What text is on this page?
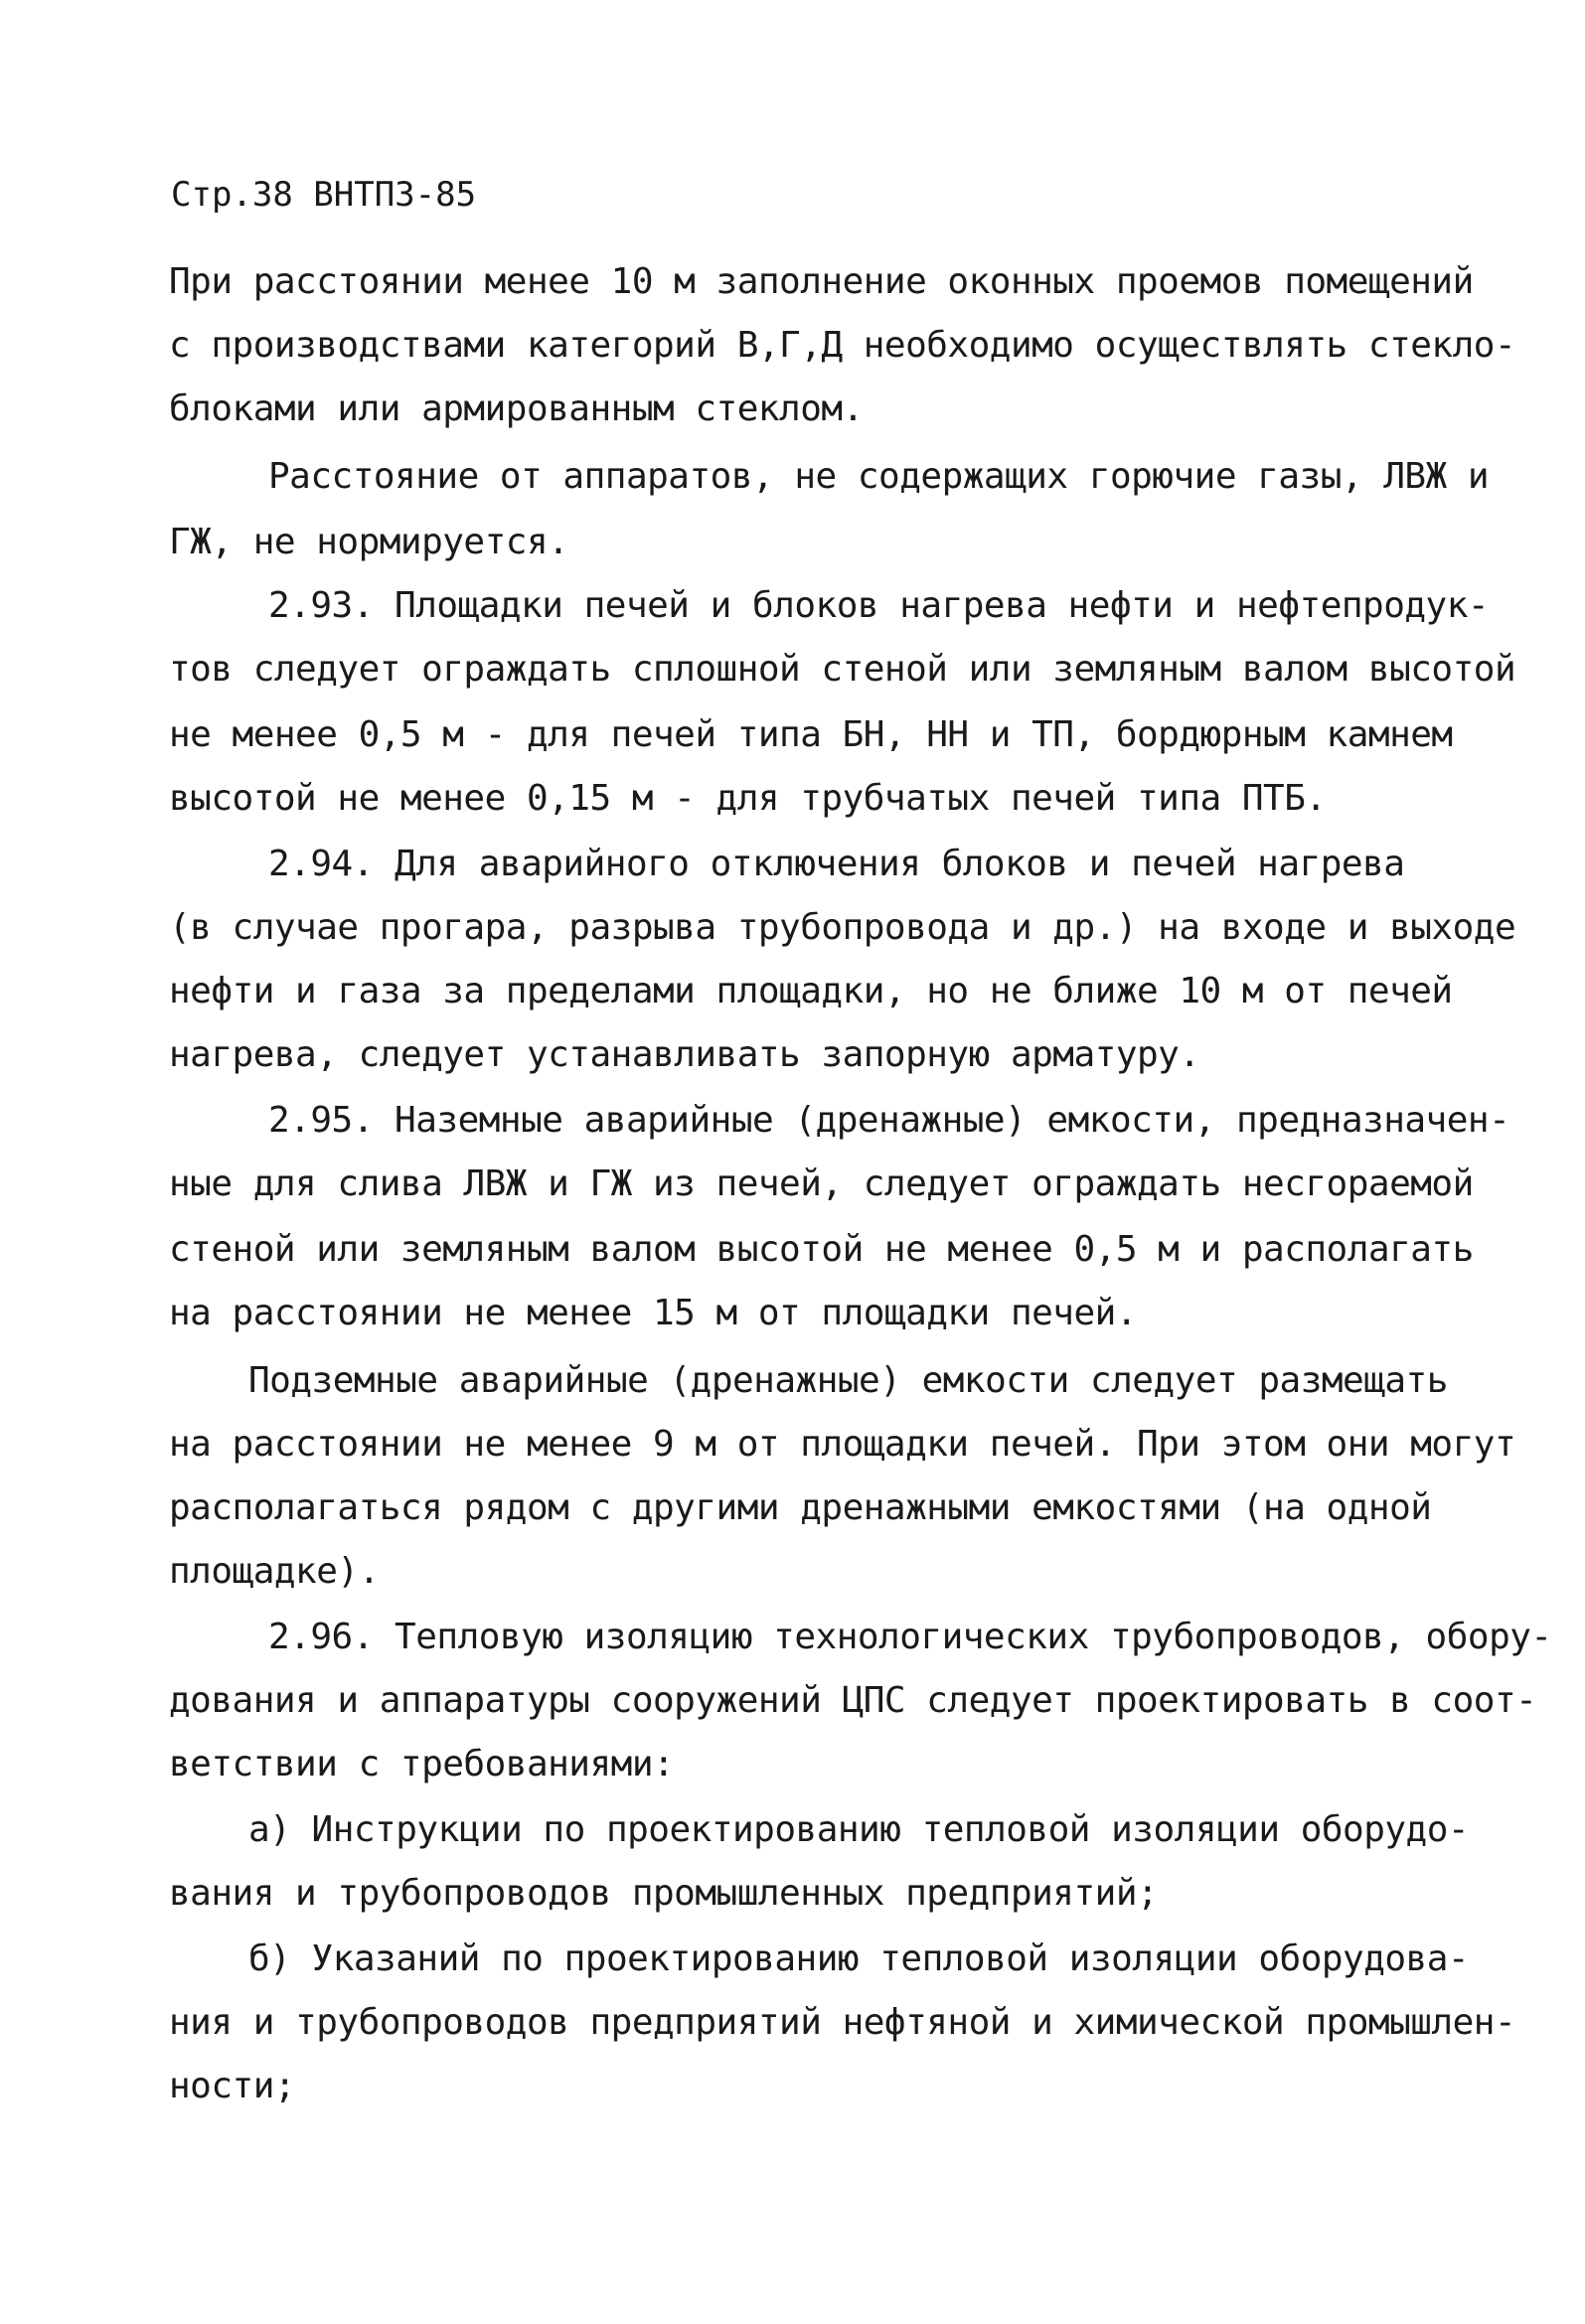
Стр.38 ВНТПЗ-85
При расстоянии менее 10 м заполнение оконных проемов помещений
с производствами категорий В,Г,Д необходимо осуществлять стекло-
блоками или армированным стеклом.
Расстояние от аппаратов, не содержащих горючие газы, ЛВЖ и
ГЖ, не нормируется.
2.93. Площадки печей и блоков нагрева нефти и нефтепродук-
тов следует ограждать сплошной стеной или земляным валом высотой
не менее 0,5 м - для печей типа БН, НН и ТП, бордюрным камнем
высотой не менее 0,15 м - для трубчатых печей типа ПТБ.
2.94. Для аварийного отключения блоков и печей нагрева
(в случае прогара, разрыва трубопровода и др.) на входе и выходе
нефти и газа за пределами площадки, но не ближе 10 м от печей
нагрева, следует устанавливать запорную арматуру.
2.95. Наземные аварийные (дренажные) емкости, предназначен-
ные для слива ЛВЖ и ГЖ из печей, следует ограждать несгораемой
стеной или земляным валом высотой не менее 0,5 м и располагать
на расстоянии не менее 15 м от площадки печей.
Подземные аварийные (дренажные) емкости следует размещать
на расстоянии не менее 9 м от площадки печей. При этом они могут
располагаться рядом с другими дренажными емкостями (на одной
площадке).
2.96. Тепловую изоляцию технологических трубопроводов, обору-
дования и аппаратуры сооружений ЦПС следует проектировать в соот-
ветствии с требованиями:
а) Инструкции по проектированию тепловой изоляции оборудо-
вания и трубопроводов промышленных предприятий;
б) Указаний по проектированию тепловой изоляции оборудова-
ния и трубопроводов предприятий нефтяной и химической промышлен-
ности;
